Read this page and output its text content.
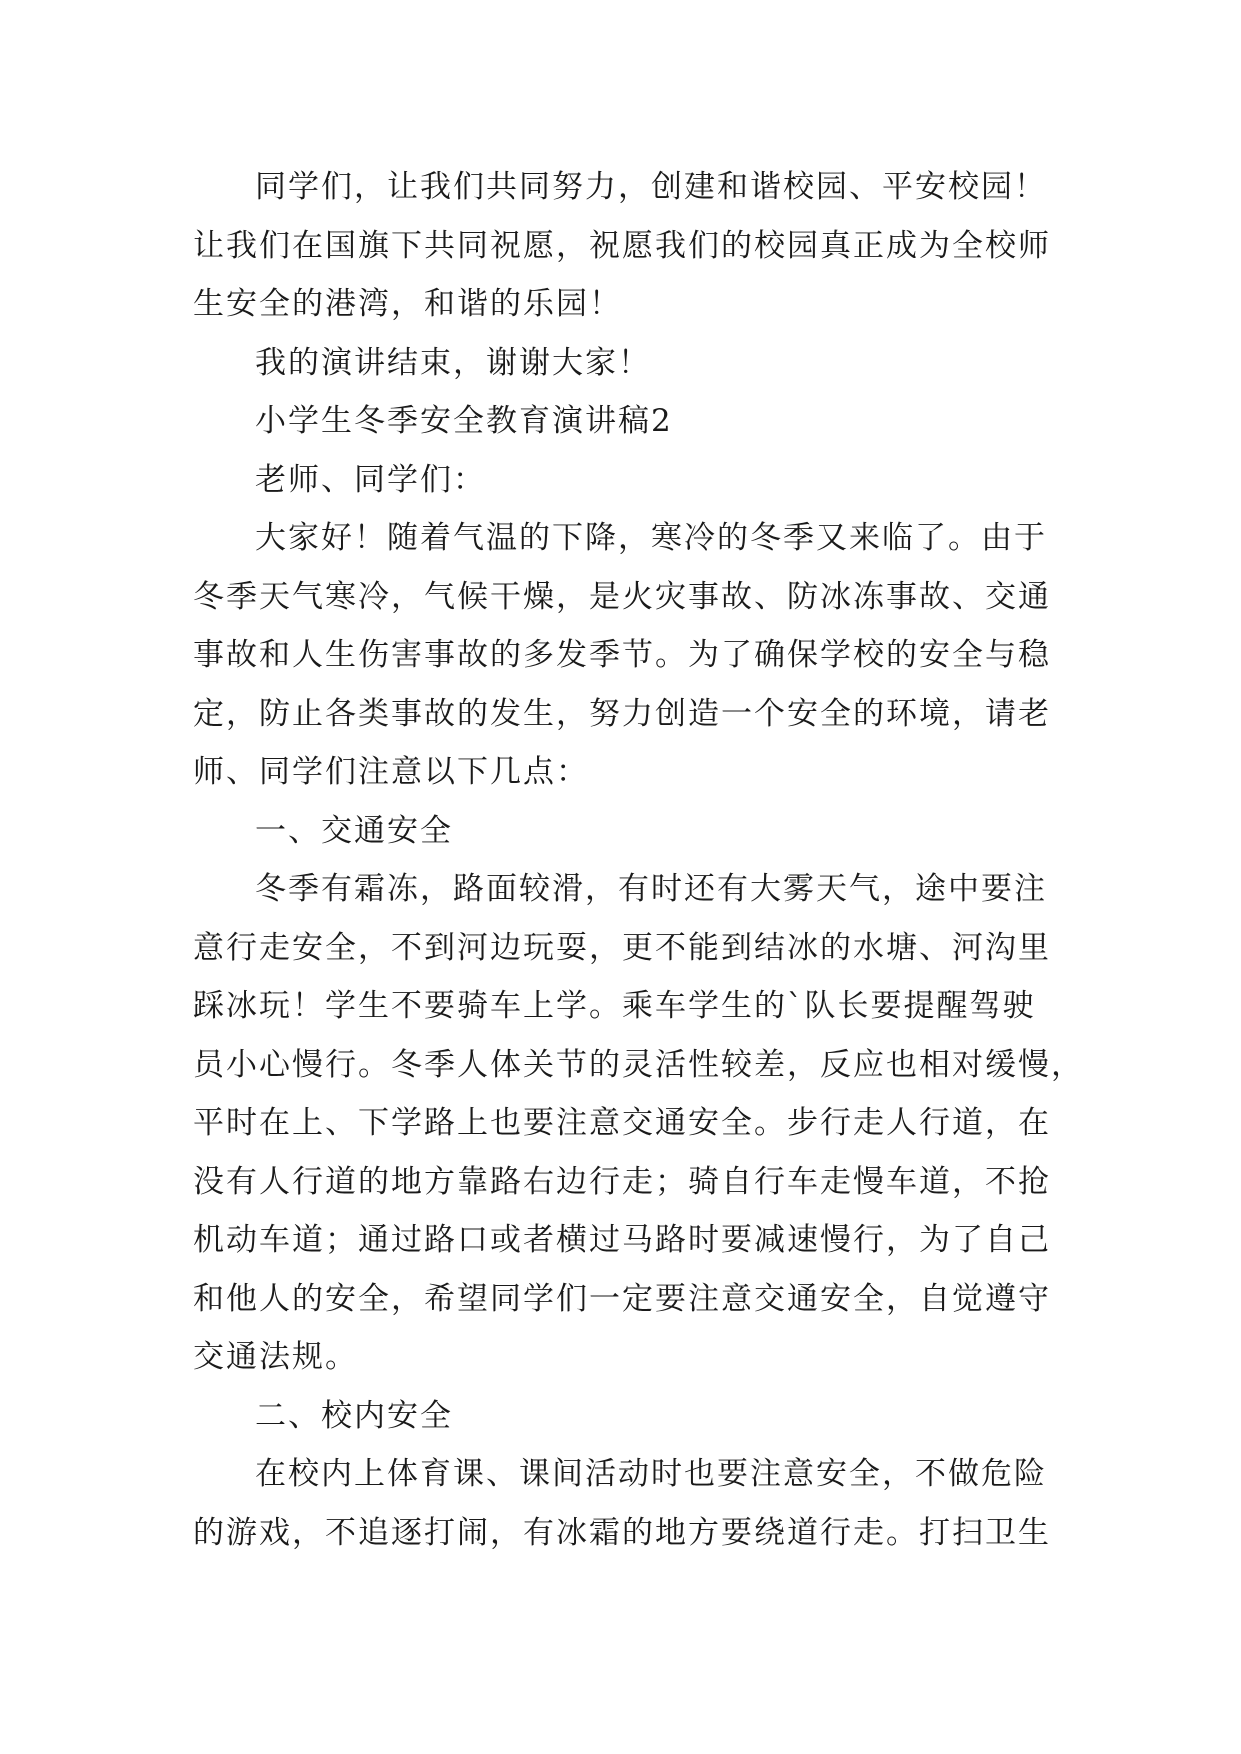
同学们，让我们共同努力，创建和谐校园、平安校园！
让我们在国旗下共同祝愿，祝愿我们的校园真正成为全校师
生安全的港湾，和谐的乐园！
我的演讲结束，谢谢大家！
小学生冬季安全教育演讲稿2
老师、同学们：
大家好！随着气温的下降，寒冷的冬季又来临了。由于
冬季天气寒冷，气候干燥，是火灾事故、防冰冻事故、交通
事故和人生伤害事故的多发季节。为了确保学校的安全与稳
定，防止各类事故的发生，努力创造一个安全的环境，请老
师、同学们注意以下几点：
一、交通安全
冬季有霜冻，路面较滑，有时还有大雾天气，途中要注
意行走安全，不到河边玩耍，更不能到结冰的水塘、河沟里
踩冰玩！学生不要骑车上学。乘车学生的`队长要提醒驾驶
员小心慢行。冬季人体关节的灵活性较差，反应也相对缓慢，
平时在上、下学路上也要注意交通安全。步行走人行道，在
没有人行道的地方靠路右边行走；骑自行车走慢车道，不抢
机动车道；通过路口或者横过马路时要减速慢行，为了自己
和他人的安全，希望同学们一定要注意交通安全，自觉遵守
交通法规。
二、校内安全
在校内上体育课、课间活动时也要注意安全，不做危险
的游戏，不追逐打闹，有冰霜的地方要绕道行走。打扫卫生
